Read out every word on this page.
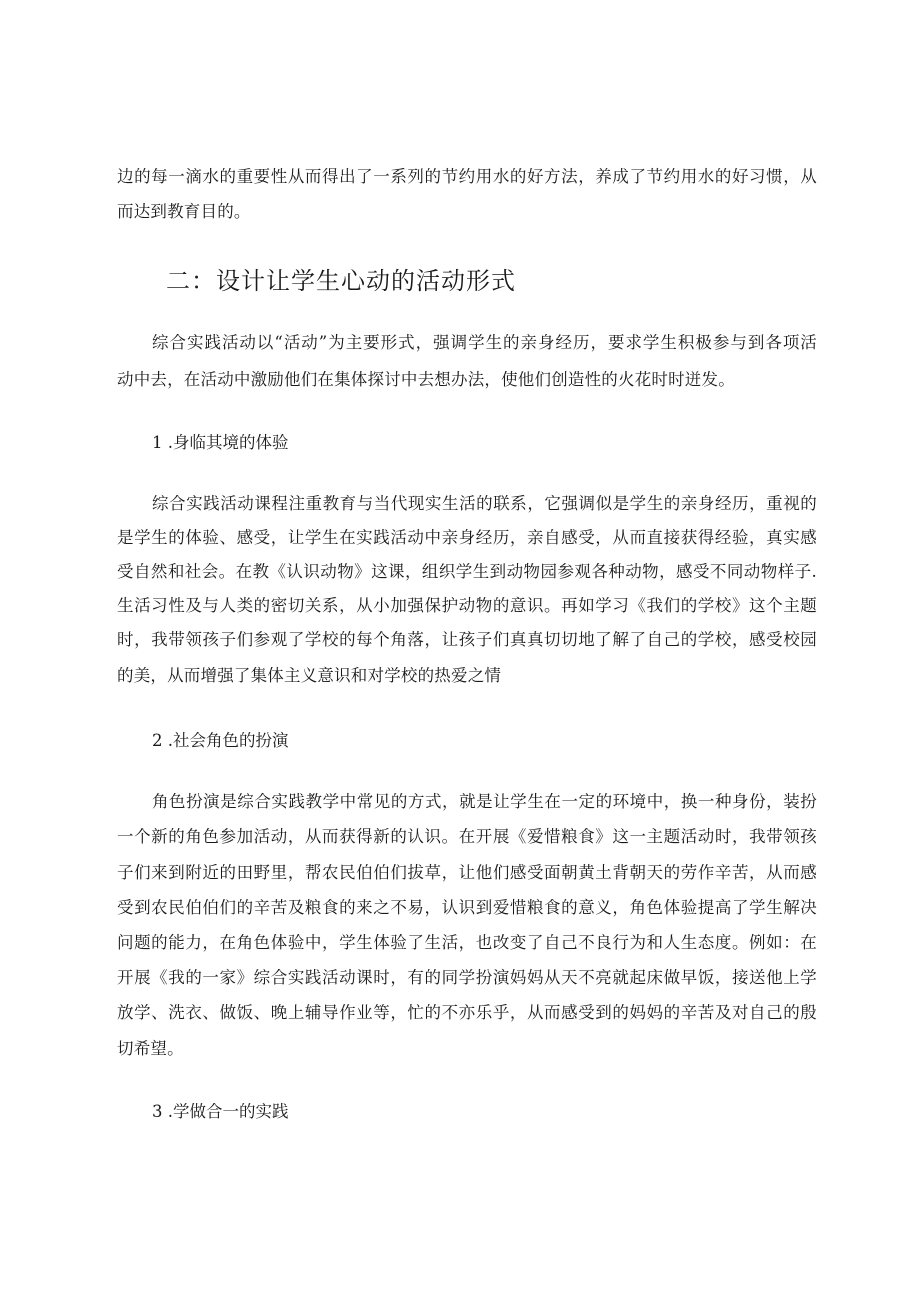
边的每一滴水的重要性从而得出了一系列的节约用水的好方法，养成了节约用水的好习惯，从
而达到教育目的。
二：设计让学生心动的活动形式
综合实践活动以“活动”为主要形式，强调学生的亲身经历，要求学生积极参与到各项活
动中去，在活动中激励他们在集体探讨中去想办法，使他们创造性的火花时时迸发。
1 .身临其境的体验
综合实践活动课程注重教育与当代现实生活的联系，它强调似是学生的亲身经历，重视的
是学生的体验、感受，让学生在实践活动中亲身经历，亲自感受，从而直接获得经验，真实感
受自然和社会。在教《认识动物》这课，组织学生到动物园参观各种动物，感受不同动物样子.
生活习性及与人类的密切关系，从小加强保护动物的意识。再如学习《我们的学校》这个主题
时，我带领孩子们参观了学校的每个角落，让孩子们真真切切地了解了自己的学校，感受校园
的美，从而增强了集体主义意识和对学校的热爱之情
2 .社会角色的扮演
角色扮演是综合实践教学中常见的方式，就是让学生在一定的环境中，换一种身份，装扮
一个新的角色参加活动，从而获得新的认识。在开展《爱惜粮食》这一主题活动时，我带领孩
子们来到附近的田野里，帮农民伯伯们拔草，让他们感受面朝黄土背朝天的劳作辛苦，从而感
受到农民伯伯们的辛苦及粮食的来之不易，认识到爱惜粮食的意义，角色体验提高了学生解决
问题的能力，在角色体验中，学生体验了生活，也改变了自己不良行为和人生态度。例如：在
开展《我的一家》综合实践活动课时，有的同学扮演妈妈从天不亮就起床做早饭，接送他上学
放学、洗衣、做饭、晚上辅导作业等，忙的不亦乐乎，从而感受到的妈妈的辛苦及对自己的殷
切希望。
3 .学做合一的实践
